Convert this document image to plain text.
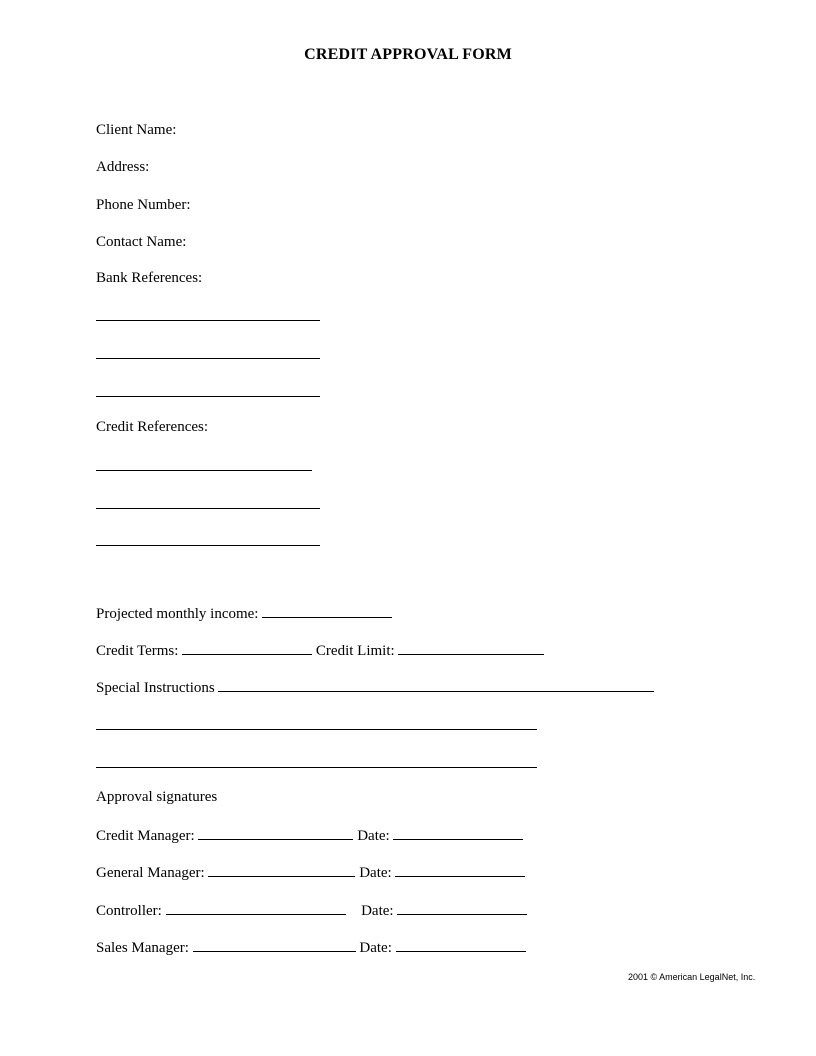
CREDIT APPROVAL FORM
Client Name:
Address:
Phone Number:
Contact Name:
Bank References:
Credit References:
Projected monthly income:
Credit Terms:	Credit Limit:
Special Instructions
Approval signatures
Credit Manager:	Date:
General Manager:	Date:
Controller:	Date:
Sales Manager:	Date:
2001 © American LegalNet, Inc.
